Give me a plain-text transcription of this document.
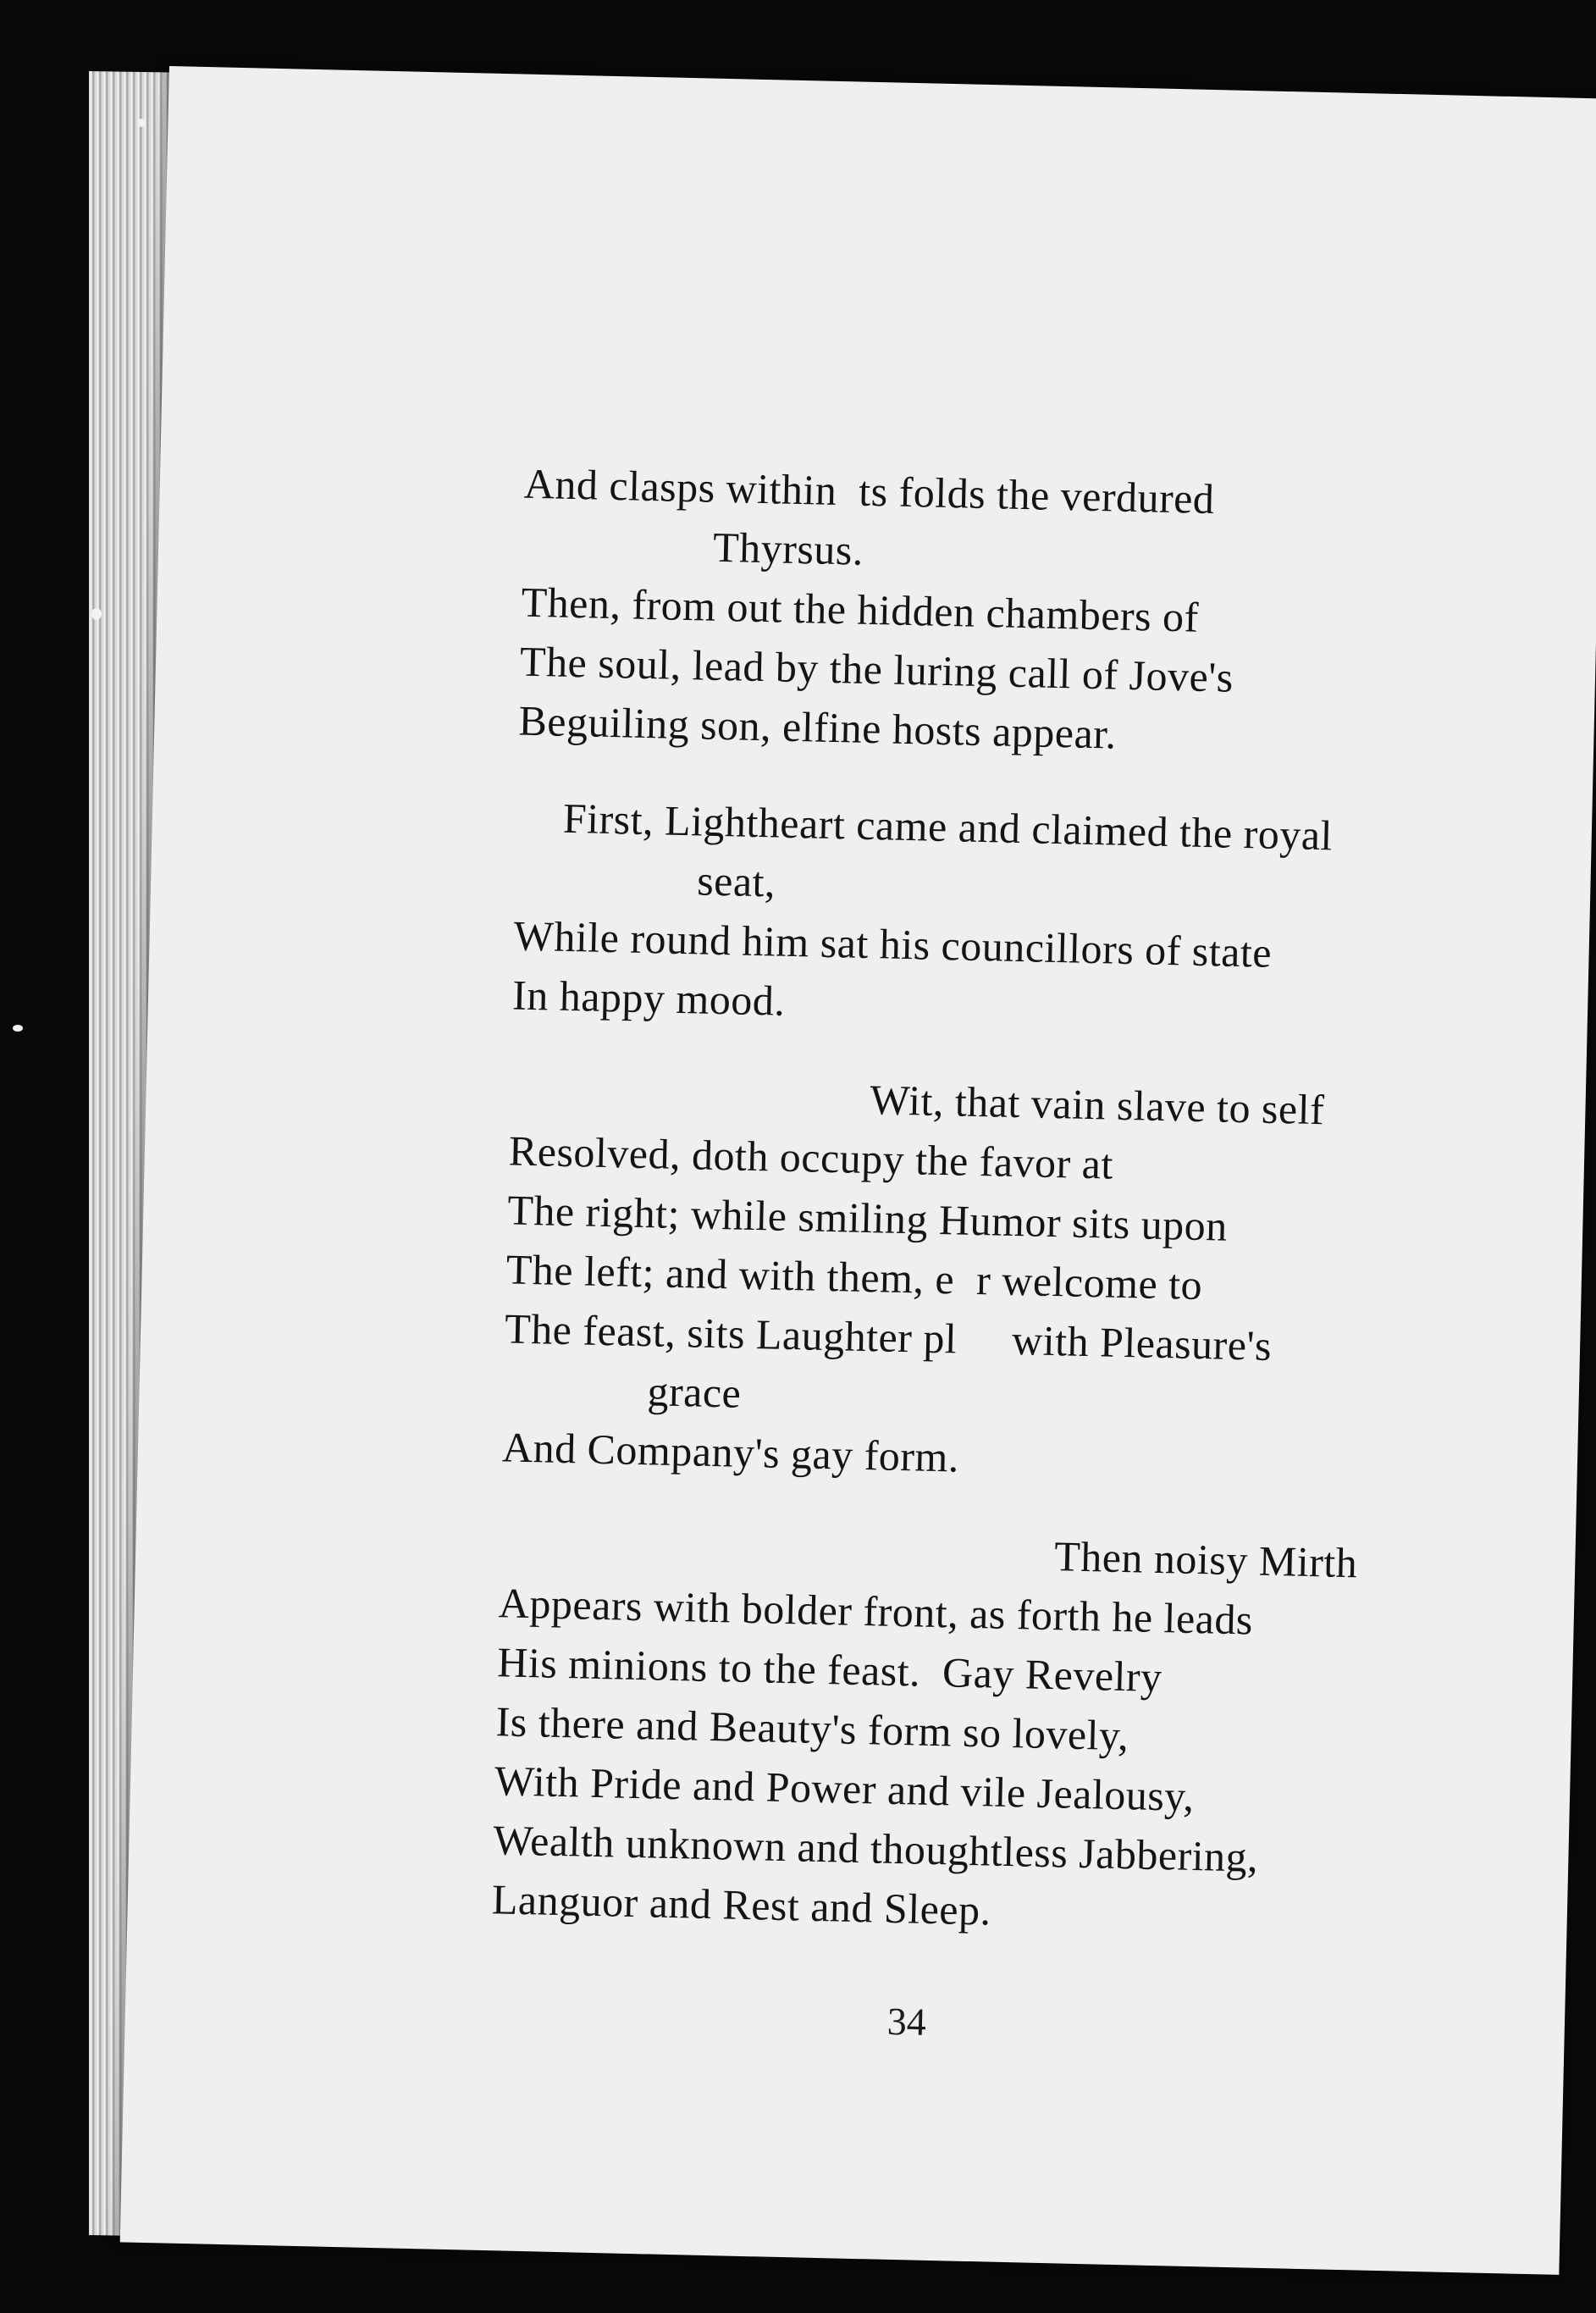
And clasps within  ts folds the verdured
Thyrsus.
Then, from out the hidden chambers of
The soul, lead by the luring call of Jove's
Beguiling son, elfine hosts appear.
First, Lightheart came and claimed the royal
seat,
While round him sat his councillors of state
In happy mood.
Wit, that vain slave to self
Resolved, doth occupy the favor at
The right; while smiling Humor sits upon
The left; and with them, e  r welcome to
The feast, sits Laughter pl     with Pleasure's
grace
And Company's gay form.
Then noisy Mirth
Appears with bolder front, as forth he leads
His minions to the feast.  Gay Revelry
Is there and Beauty's form so lovely,
With Pride and Power and vile Jealousy,
Wealth unknown and thoughtless Jabbering,
Languor and Rest and Sleep.
34
